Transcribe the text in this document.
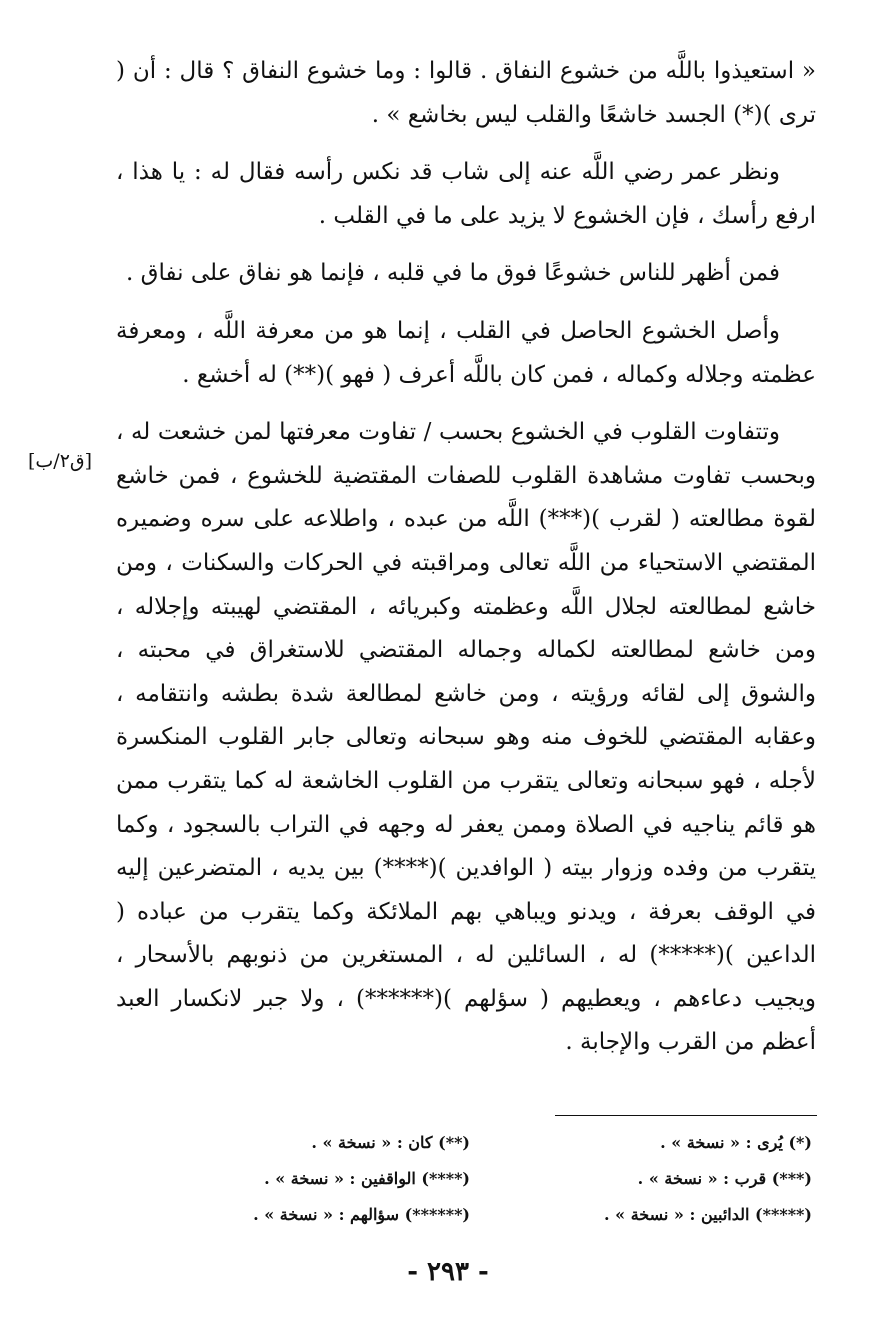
« استعيذوا باللَّه من خشوع النفاق . قالوا : وما خشوع النفاق ؟ قال : أن ( ترى )(*) الجسد خاشعًا والقلب ليس بخاشع » .

ونظر عمر رضي اللَّه عنه إلى شاب قد نكس رأسه فقال له : يا هذا ، ارفع رأسك ، فإن الخشوع لا يزيد على ما في القلب .

فمن أظهر للناس خشوعًا فوق ما في قلبه ، فإنما هو نفاق على نفاق .

وأصل الخشوع الحاصل في القلب ، إنما هو من معرفة اللَّه ، ومعرفة عظمته وجلاله وكماله ، فمن كان باللَّه أعرف ( فهو )(**) له أخشع .

وتتفاوت القلوب في الخشوع بحسب / تفاوت معرفتها لمن خشعت له ، وبحسب تفاوت مشاهدة القلوب للصفات المقتضية للخشوع ، فمن خاشع لقوة مطالعته ( لقرب )(***) اللَّه من عبده ، واطلاعه على سره وضميره المقتضي الاستحياء من اللَّه تعالى ومراقبته في الحركات والسكنات ، ومن خاشع لمطالعته لجلال اللَّه وعظمته وكبريائه ، المقتضي لهيبته وإجلاله ، ومن خاشع لمطالعته لكماله وجماله المقتضي للاستغراق في محبته ، والشوق إلى لقائه ورؤيته ، ومن خاشع لمطالعة شدة بطشه وانتقامه ، وعقابه المقتضي للخوف منه وهو سبحانه وتعالى جابر القلوب المنكسرة لأجله ، فهو سبحانه وتعالى يتقرب من القلوب الخاشعة له كما يتقرب ممن هو قائم يناجيه في الصلاة وممن يعفر له وجهه في التراب بالسجود ، وكما يتقرب من وفده وزوار بيته ( الوافدين )(****) بين يديه ، المتضرعين إليه في الوقف بعرفة ، ويدنو ويباهي بهم الملائكة وكما يتقرب من عباده ( الداعين )(*****) له ، السائلين له ، المستغرين من ذنوبهم بالأسحار ، ويجيب دعاءهم ، ويعطيهم ( سؤلهم )(******) ، ولا جبر لانكسار العبد أعظم من القرب والإجابة .

[ق٢/ب]
(*) يُرى : « نسخة » .
(**) كان : « نسخة » .
(***) قرب : « نسخة » .
(****) الواقفين : « نسخة » .
(*****) الدائبين : « نسخة » .
(******) سؤالهم : « نسخة » .
- ٢٩٣ -
